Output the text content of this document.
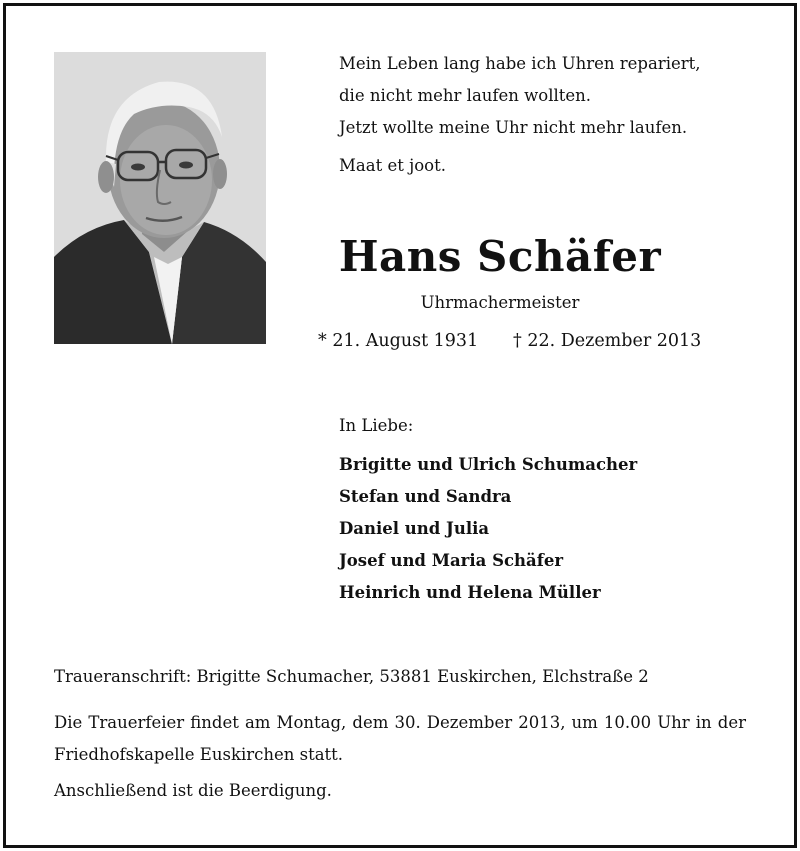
Mein Leben lang habe ich Uhren repariert,
die nicht mehr laufen wollten.
Jetzt wollte meine Uhr nicht mehr laufen.
Maat et joot.
Hans Schäfer
Uhrmachermeister
* 21. August 1931 † 22. Dezember 2013
In Liebe:
Brigitte und Ulrich Schumacher
Stefan und Sandra
Daniel und Julia
Josef und Maria Schäfer
Heinrich und Helena Müller
Traueranschrift: Brigitte Schumacher, 53881 Euskirchen, Elchstraße 2
Die Trauerfeier findet am Montag, dem 30. Dezember 2013, um 10.00 Uhr in der Friedhofskapelle Euskirchen statt.
Anschließend ist die Beerdigung.
